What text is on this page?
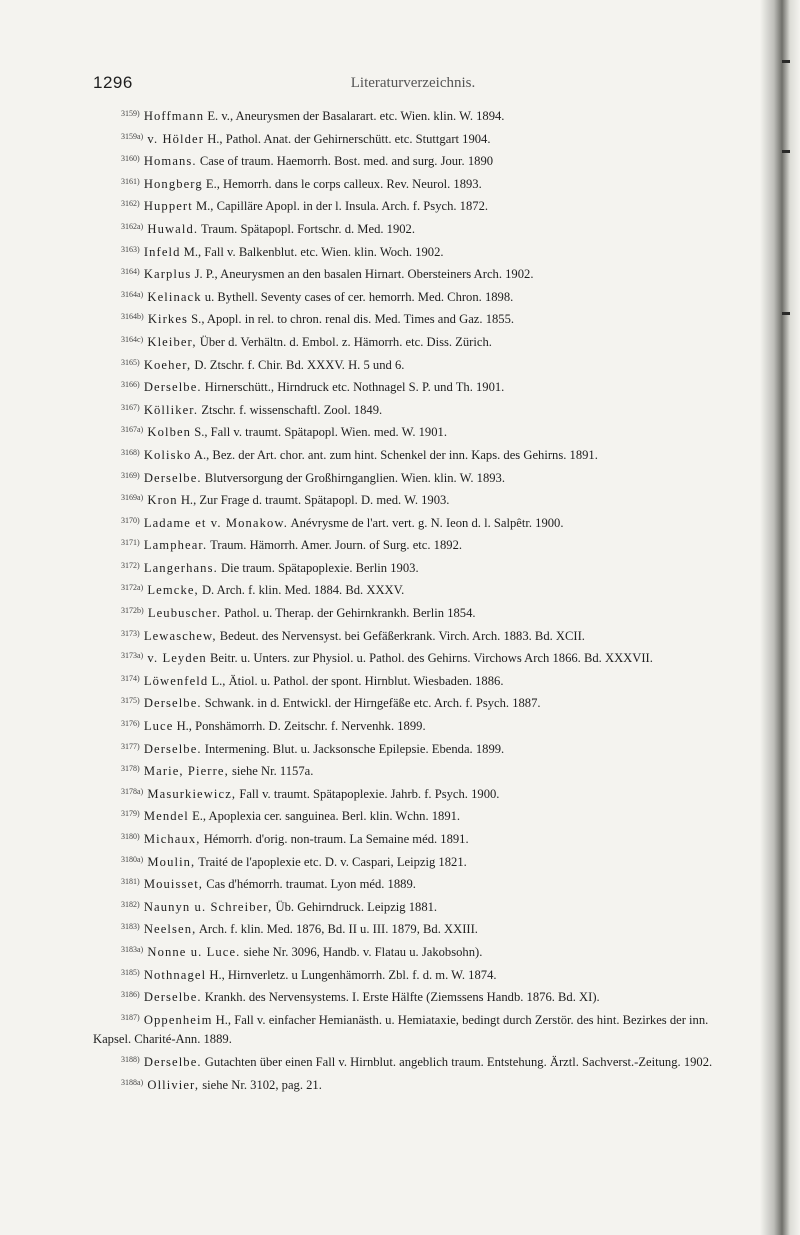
1296	Literaturverzeichnis.
$^{3159)}$ Hoffmann E. v., Aneurysmen der Basalarart. etc. Wien. klin. W. 1894.
$^{3159a)}$ v. Hölder H., Pathol. Anat. der Gehirnerschütt. etc. Stuttgart 1904.
$^{3160)}$ Homans. Case of traum. Haemorrh. Bost. med. and surg. Jour. 1890
$^{3161)}$ Hongberg E., Hemorrh. dans le corps calleux. Rev. Neurol. 1893.
$^{3162)}$ Huppert M., Capilläre Apopl. in der l. Insula. Arch. f. Psych. 1872.
$^{3162a)}$ Huwald. Traum. Spätapopl. Fortschr. d. Med. 1902.
$^{3163)}$ Infeld M., Fall v. Balkenblut. etc. Wien. klin. Woch. 1902.
$^{3164)}$ Karplus J. P., Aneurysmen an den basalen Hirnart. Obersteiners Arch. 1902.
$^{3164a)}$ Kelinack u. Bythell. Seventy cases of cer. hemorrh. Med. Chron. 1898.
$^{3164b)}$ Kirkes S., Apopl. in rel. to chron. renal dis. Med. Times and Gaz. 1855.
$^{3164c)}$ Kleiber, Über d. Verhältn. d. Embol. z. Hämorrh. etc. Diss. Zürich.
$^{3165)}$ Koeher, D. Ztschr. f. Chir. Bd. XXXV. H. 5 und 6.
$^{3166)}$ Derselbe. Hirnerschütt., Hirndruck etc. Nothnagel S. P. und Th. 1901.
$^{3167)}$ Kölliker. Ztschr. f. wissenschaftl. Zool. 1849.
$^{3167a)}$ Kolben S., Fall v. traumt. Spätapopl. Wien. med. W. 1901.
$^{3168)}$ Kolisko A., Bez. der Art. chor. ant. zum hint. Schenkel der inn. Kaps. des Gehirns. 1891.
$^{3169)}$ Derselbe. Blutversorgung der Großhirnganglien. Wien. klin. W. 1893.
$^{3169a)}$ Kron H., Zur Frage d. traumt. Spätapopl. D. med. W. 1903.
$^{3170)}$ Ladame et v. Monakow. Anévrysme de l'art. vert. g. N. Ieon d. l. Salpêtr. 1900.
$^{3171)}$ Lamphear. Traum. Hämorrh. Amer. Journ. of Surg. etc. 1892.
$^{3172)}$ Langerhans. Die traum. Spätapoplexie. Berlin 1903.
$^{3172a)}$ Lemcke, D. Arch. f. klin. Med. 1884. Bd. XXXV.
$^{3172b)}$ Leubuscher. Pathol. u. Therap. der Gehirnkrankh. Berlin 1854.
$^{3173)}$ Lewaschew, Bedeut. des Nervensyst. bei Gefäßerkrank. Virch. Arch. 1883. Bd. XCII.
$^{3173a)}$ v. Leyden Beitr. u. Unters. zur Physiol. u. Pathol. des Gehirns. Virchows Arch 1866. Bd. XXXVII.
$^{3174)}$ Löwenfeld L., Ätiol. u. Pathol. der spont. Hirnblut. Wiesbaden. 1886.
$^{3175)}$ Derselbe. Schwank. in d. Entwickl. der Hirngefäße etc. Arch. f. Psych. 1887.
$^{3176)}$ Luce H., Ponshämorrh. D. Zeitschr. f. Nervenhk. 1899.
$^{3177)}$ Derselbe. Intermening. Blut. u. Jacksonsche Epilepsie. Ebenda. 1899.
$^{3178)}$ Marie, Pierre, siehe Nr. 1157a.
$^{3178a)}$ Masurkiewicz, Fall v. traumt. Spätapoplexie. Jahrb. f. Psych. 1900.
$^{3179)}$ Mendel E., Apoplexia cer. sanguinea. Berl. klin. Wchn. 1891.
$^{3180)}$ Michaux, Hémorrh. d'orig. non-traum. La Semaine méd. 1891.
$^{3180a)}$ Moulin, Traité de l'apoplexie etc. D. v. Caspari, Leipzig 1821.
$^{3181)}$ Mouisset, Cas d'hémorrh. traumat. Lyon méd. 1889.
$^{3182)}$ Naunyn u. Schreiber, Üb. Gehirndruck. Leipzig 1881.
$^{3183)}$ Neelsen, Arch. f. klin. Med. 1876, Bd. II u. III. 1879, Bd. XXIII.
$^{3183a)}$ Nonne u. Luce. siehe Nr. 3096, Handb. v. Flatau u. Jakobsohn).
$^{3185)}$ Nothnagel H., Hirnverletz. u Lungenhämorrh. Zbl. f. d. m. W. 1874.
$^{3186)}$ Derselbe. Krankh. des Nervensystems. I. Erste Hälfte (Ziemssens Handb. 1876. Bd. XI).
$^{3187)}$ Oppenheim H., Fall v. einfacher Hemianästh. u. Hemiataxie, bedingt durch Zerstör. des hint. Bezirkes der inn. Kapsel. Charité-Ann. 1889.
$^{3188)}$ Derselbe. Gutachten über einen Fall v. Hirnblut. angeblich traum. Entstehung. Ärztl. Sachverst.-Zeitung. 1902.
$^{3188a)}$ Ollivier, siehe Nr. 3102, pag. 21.
